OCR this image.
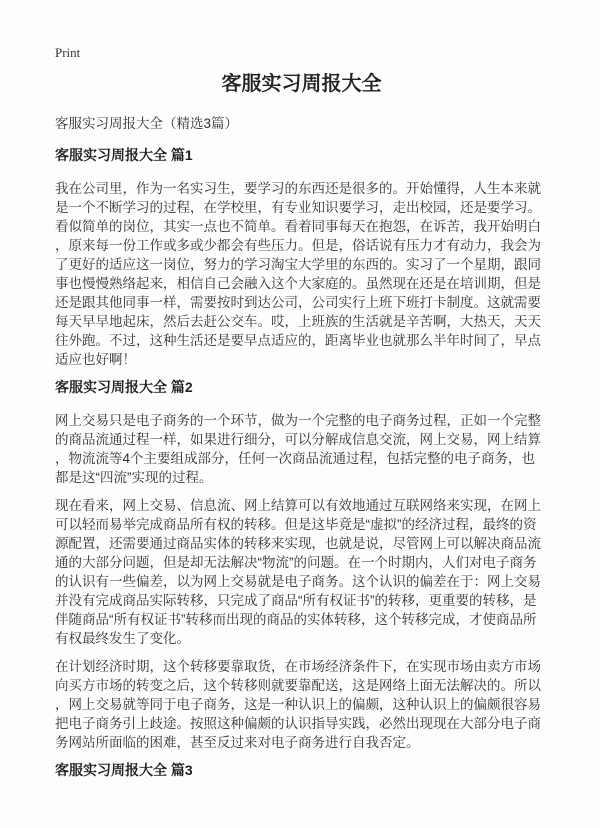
Print
客服实习周报大全
客服实习周报大全（精选3篇）
客服实习周报大全 篇1

我在公司里，作为一名实习生，要学习的东西还是很多的。开始懂得，人生本来就是一个不断学习的过程，在学校里，有专业知识要学习，走出校园，还是要学习。看似简单的岗位，其实一点也不简单。看着同事每天在抱怨，在诉苦，我开始明白，原来每一份工作或多或少都会有些压力。但是，俗话说有压力才有动力，我会为了更好的适应这一岗位，努力的学习淘宝大学里的东西的。实习了一个星期，跟同事也慢慢熟络起来，相信自己会融入这个大家庭的。虽然现在还是在培训期，但是还是跟其他同事一样，需要按时到达公司，公司实行上班下班打卡制度。这就需要每天早早地起床，然后去赶公交车。哎，上班族的生活就是辛苦啊，大热天，天天往外跑。不过，这种生活还是要早点适应的，距离毕业也就那么半年时间了，早点适应也好啊！

客服实习周报大全 篇2

网上交易只是电子商务的一个环节，做为一个完整的电子商务过程，正如一个完整的商品流通过程一样，如果进行细分，可以分解成信息交流，网上交易，网上结算，物流流等4个主要组成部分，任何一次商品流通过程，包括完整的电子商务，也都是这“四流”实现的过程。

现在看来，网上交易、信息流、网上结算可以有效地通过互联网络来实现，在网上可以轻而易举完成商品所有权的转移。但是这毕竟是“虚拟”的经济过程，最终的资源配置，还需要通过商品实体的转移来实现，也就是说，尽管网上可以解决商品流通的大部分问题，但是却无法解决“物流”的问题。在一个时期内，人们对电子商务的认识有一些偏差，以为网上交易就是电子商务。这个认识的偏差在于：网上交易并没有完成商品实际转移，只完成了商品“所有权证书”的转移，更重要的转移，是伴随商品“所有权证书”转移而出现的商品的实体转移，这个转移完成，才使商品所有权最终发生了变化。

在计划经济时期，这个转移要靠取货，在市场经济条件下，在实现市场由卖方市场向买方市场的转变之后，这个转移则就要靠配送，这是网络上面无法解决的。所以，网上交易就等同于电子商务，这是一种认识上的偏颇，这种认识上的偏颇很容易把电子商务引上歧途。按照这种偏颇的认识指导实践，必然出现现在大部分电子商务网站所面临的困难，甚至反过来对电子商务进行自我否定。

客服实习周报大全 篇3
